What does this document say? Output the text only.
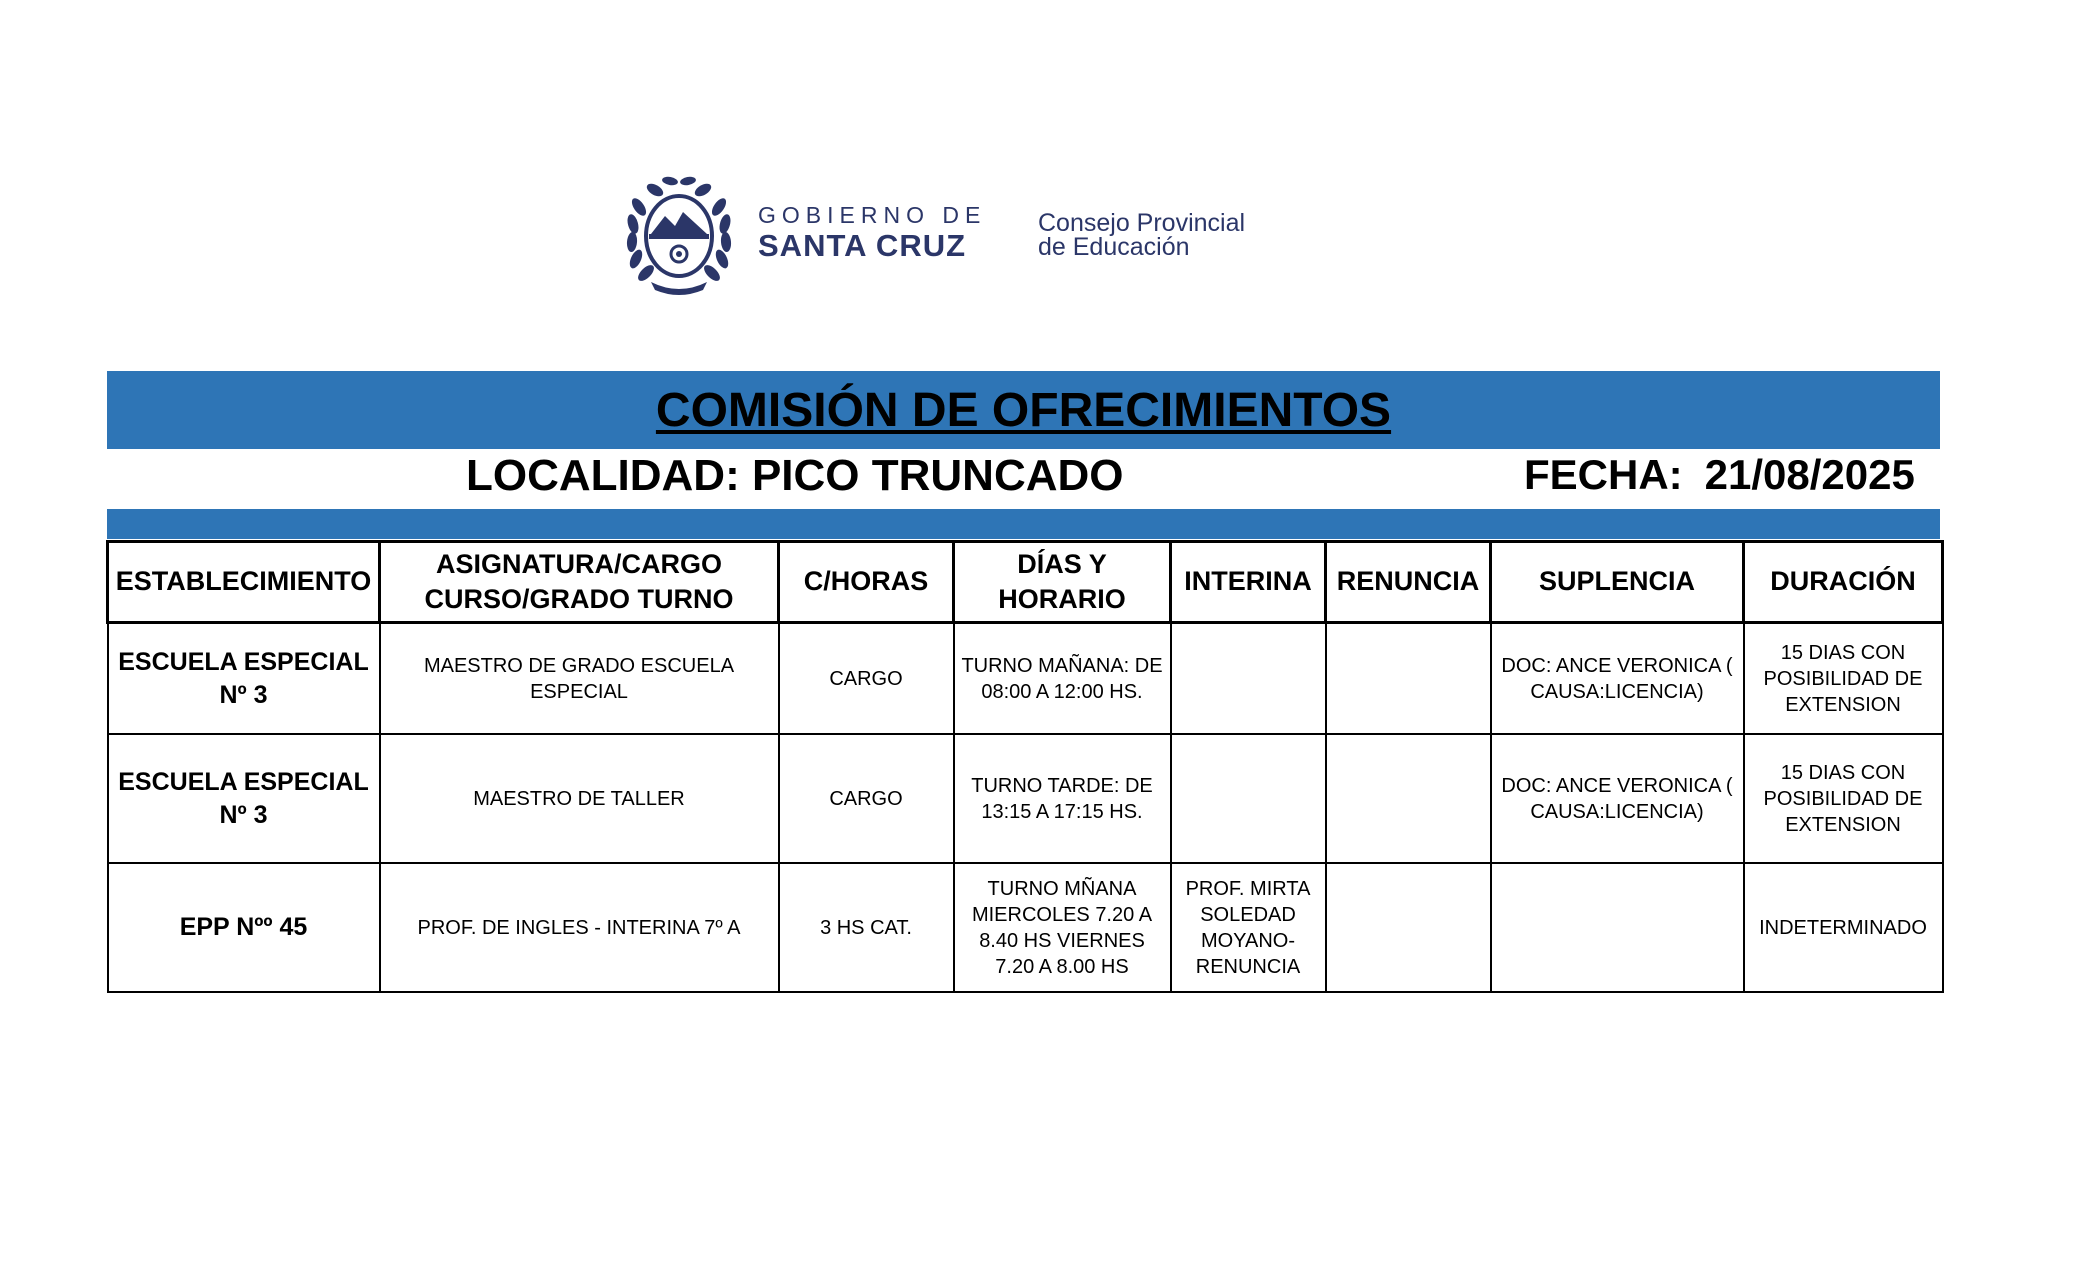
GOBIERNO DE
SANTA CRUZ
Consejo Provincial
de Educación
COMISIÓN DE OFRECIMIENTOS
LOCALIDAD: PICO TRUNCADO	FECHA: 21/08/2025
ESTABLECIMIENTO	ASIGNATURA/CARGO CURSO/GRADO TURNO	C/HORAS	DÍAS Y HORARIO	INTERINA	RENUNCIA	SUPLENCIA	DURACIÓN
ESCUELA ESPECIAL Nº 3	MAESTRO DE GRADO ESCUELA ESPECIAL	CARGO	TURNO MAÑANA: DE 08:00 A 12:00 HS.			DOC: ANCE VERONICA ( CAUSA:LICENCIA)	15 DIAS CON POSIBILIDAD DE EXTENSION
ESCUELA ESPECIAL Nº 3	MAESTRO DE TALLER	CARGO	TURNO TARDE: DE 13:15 A 17:15 HS.			DOC: ANCE VERONICA ( CAUSA:LICENCIA)	15 DIAS CON POSIBILIDAD DE EXTENSION
EPP Nºº 45	PROF. DE INGLES - INTERINA 7º A	3 HS CAT.	TURNO MÑANA MIERCOLES 7.20 A 8.40 HS VIERNES 7.20 A 8.00 HS	PROF. MIRTA SOLEDAD MOYANO- RENUNCIA			INDETERMINADO
